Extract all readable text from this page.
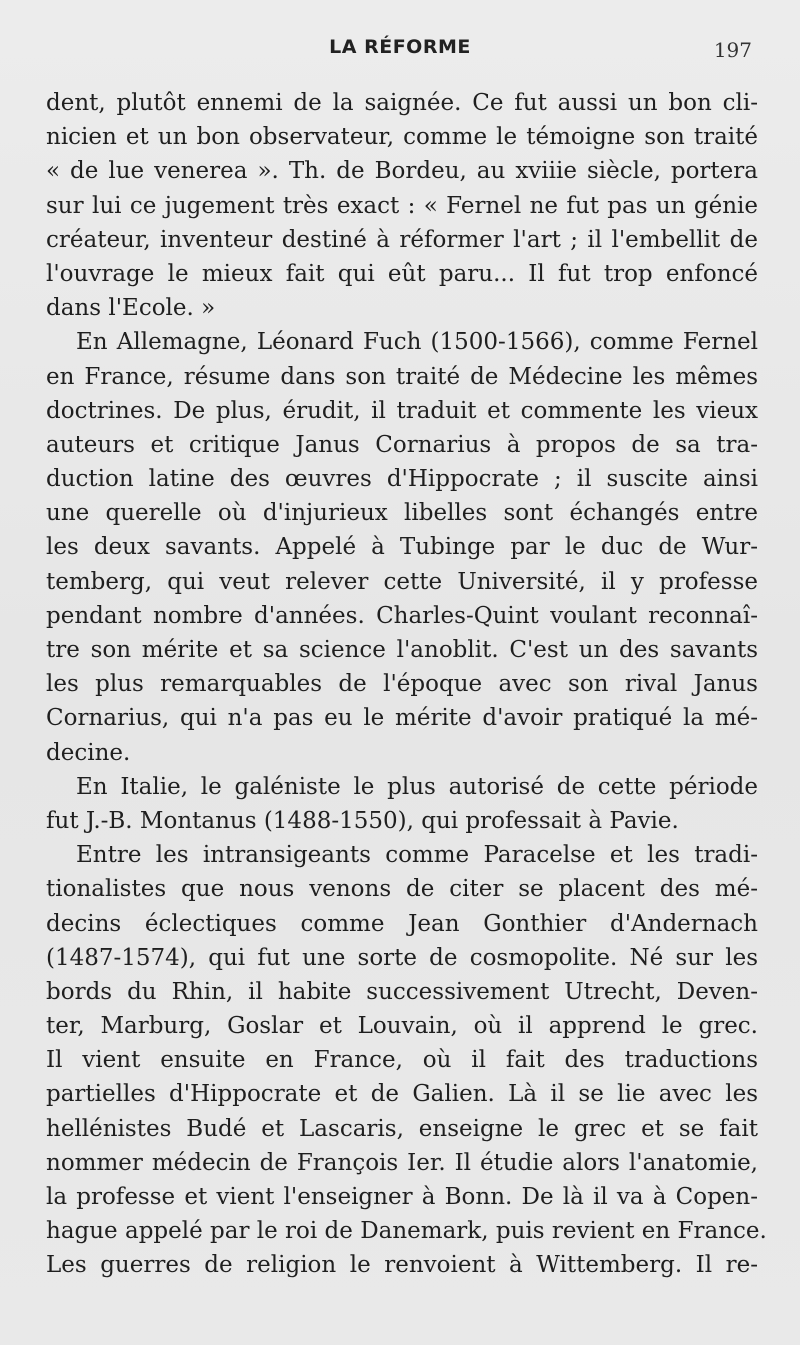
LA RÉFORME	197
dent, plutôt ennemi de la saignée. Ce fut aussi un bon cli-
nicien et un bon observateur, comme le témoigne son traité
« de lue venerea ». Th. de Bordeu, au xviiie siècle, portera
sur lui ce jugement très exact : « Fernel ne fut pas un génie
créateur, inventeur destiné à réformer l'art ; il l'embellit de
l'ouvrage le mieux fait qui eût paru... Il fut trop enfoncé
dans l'Ecole. »
En Allemagne, Léonard Fuch (1500-1566), comme Fernel
en France, résume dans son traité de Médecine les mêmes
doctrines. De plus, érudit, il traduit et commente les vieux
auteurs et critique Janus Cornarius à propos de sa tra-
duction latine des œuvres d'Hippocrate ; il suscite ainsi
une querelle où d'injurieux libelles sont échangés entre
les deux savants. Appelé à Tubinge par le duc de Wur-
temberg, qui veut relever cette Université, il y professe
pendant nombre d'années. Charles-Quint voulant reconnaî-
tre son mérite et sa science l'anoblit. C'est un des savants
les plus remarquables de l'époque avec son rival Janus
Cornarius, qui n'a pas eu le mérite d'avoir pratiqué la mé-
decine.
En Italie, le galéniste le plus autorisé de cette période
fut J.-B. Montanus (1488-1550), qui professait à Pavie.
Entre les intransigeants comme Paracelse et les tradi-
tionalistes que nous venons de citer se placent des mé-
decins éclectiques comme Jean Gonthier d'Andernach
(1487-1574), qui fut une sorte de cosmopolite. Né sur les
bords du Rhin, il habite successivement Utrecht, Deven-
ter, Marburg, Goslar et Louvain, où il apprend le grec.
Il vient ensuite en France, où il fait des traductions
partielles d'Hippocrate et de Galien. Là il se lie avec les
hellénistes Budé et Lascaris, enseigne le grec et se fait
nommer médecin de François Ier. Il étudie alors l'anatomie,
la professe et vient l'enseigner à Bonn. De là il va à Copen-
hague appelé par le roi de Danemark, puis revient en France.
Les guerres de religion le renvoient à Wittemberg. Il re-
